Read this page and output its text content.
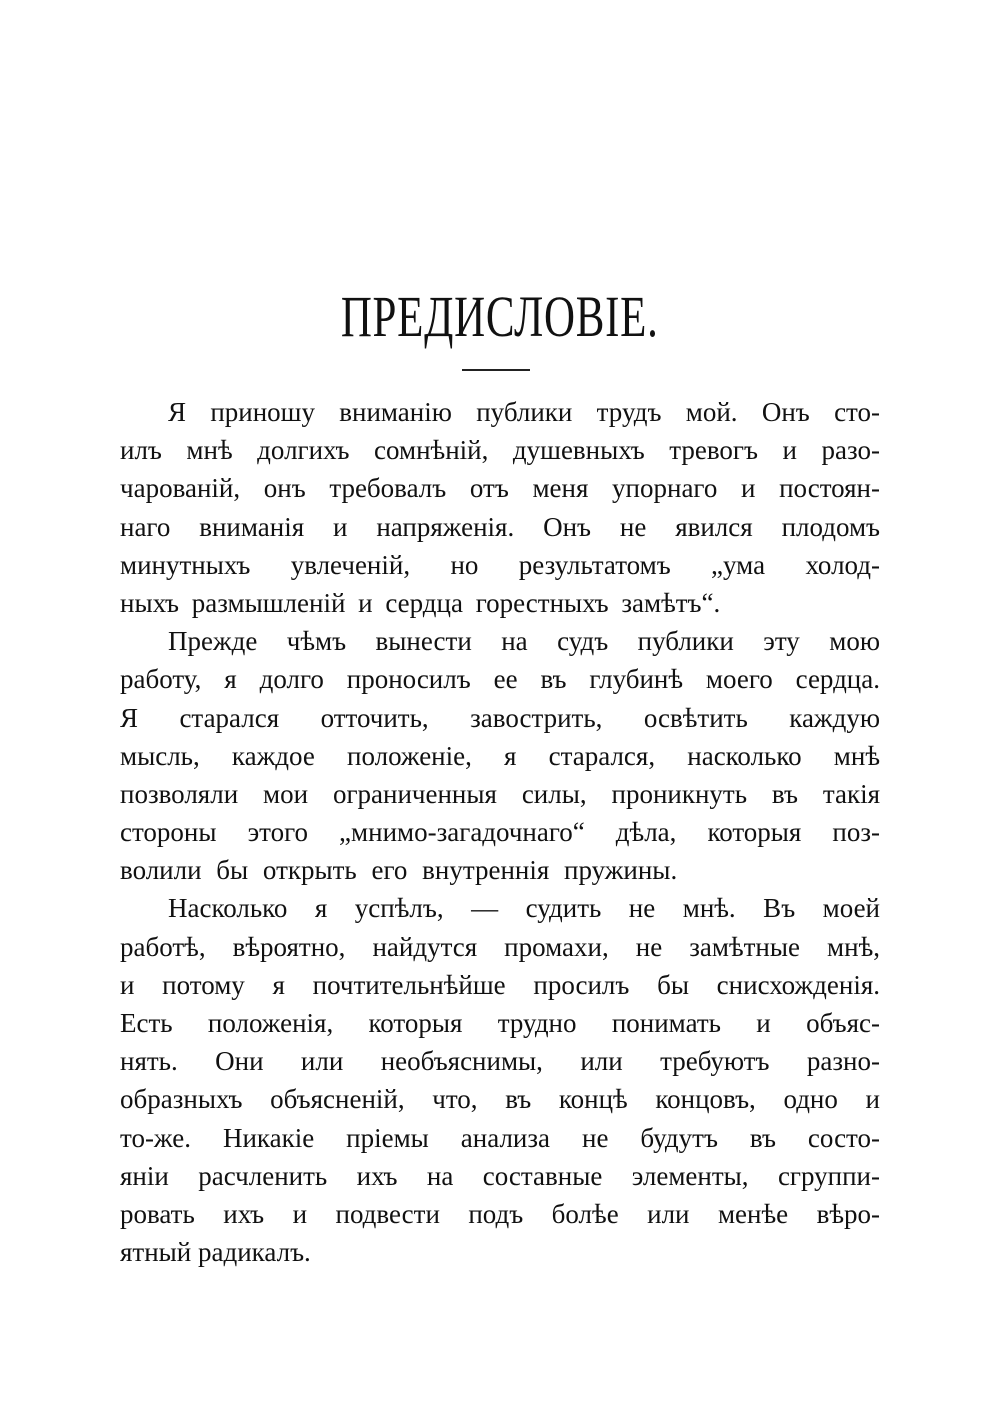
ПРЕДИСЛОВІЕ.
Я приношу вниманію публики трудъ мой. Онъ сто-
илъ мнѣ долгихъ сомнѣній, душевныхъ тревогъ и разо-
чарованій, онъ требовалъ отъ меня упорнаго и постоян-
наго вниманія и напряженія. Онъ не явился плодомъ
минутныхъ увлеченій, но результатомъ „ума холод-
ныхъ размышленій и сердца горестныхъ замѣтъ“.
Прежде чѣмъ вынести на судъ публики эту мою
работу, я долго проносилъ ее въ глубинѣ моего сердца.
Я старался отточить, завострить, освѣтить каждую
мысль, каждое положеніе, я старался, насколько мнѣ
позволяли мои ограниченныя силы, проникнуть въ такія
стороны этого „мнимо-загадочнаго“ дѣла, которыя поз-
волили бы открыть его внутреннія пружины.
Насколько я успѣлъ, — судить не мнѣ. Въ моей
работѣ, вѣроятно, найдутся промахи, не замѣтные мнѣ,
и потому я почтительнѣйше просилъ бы снисхожденія.
Есть положенія, которыя трудно понимать и объяс-
нять. Они или необъяснимы, или требуютъ разно-
образныхъ объясненій, что, въ концѣ концовъ, одно и
то-же. Никакіе пріемы анализа не будутъ въ состо-
яніи расчленить ихъ на составные элементы, сгруппи-
ровать ихъ и подвести подъ болѣе или менѣе вѣро-
ятный радикалъ.
